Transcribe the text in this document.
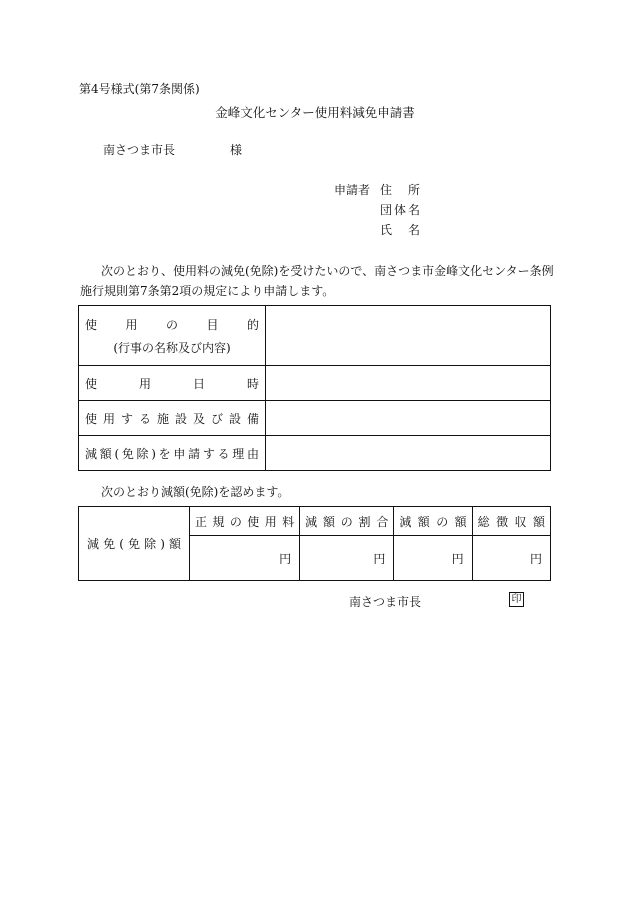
第4号様式(第7条関係)
金峰文化センター使用料減免申請書
南さつま市長	様
申請者 住所
団体名
氏名
次のとおり、使用料の減免(免除)を受けたいので、南さつま市金峰文化センター条例
施行規則第7条第2項の規定により申請します。
使用の目的
(行事の名称及び内容)	

使用日時	

使用する施設及び設備	

減額(免除)を申請する理由	

次のとおり減額(免除)を認めます。
減免(免除)額	正規の使用料	減額の割合	減額の額	総徴収額

	円	円	円	円
南さつま市長	印
